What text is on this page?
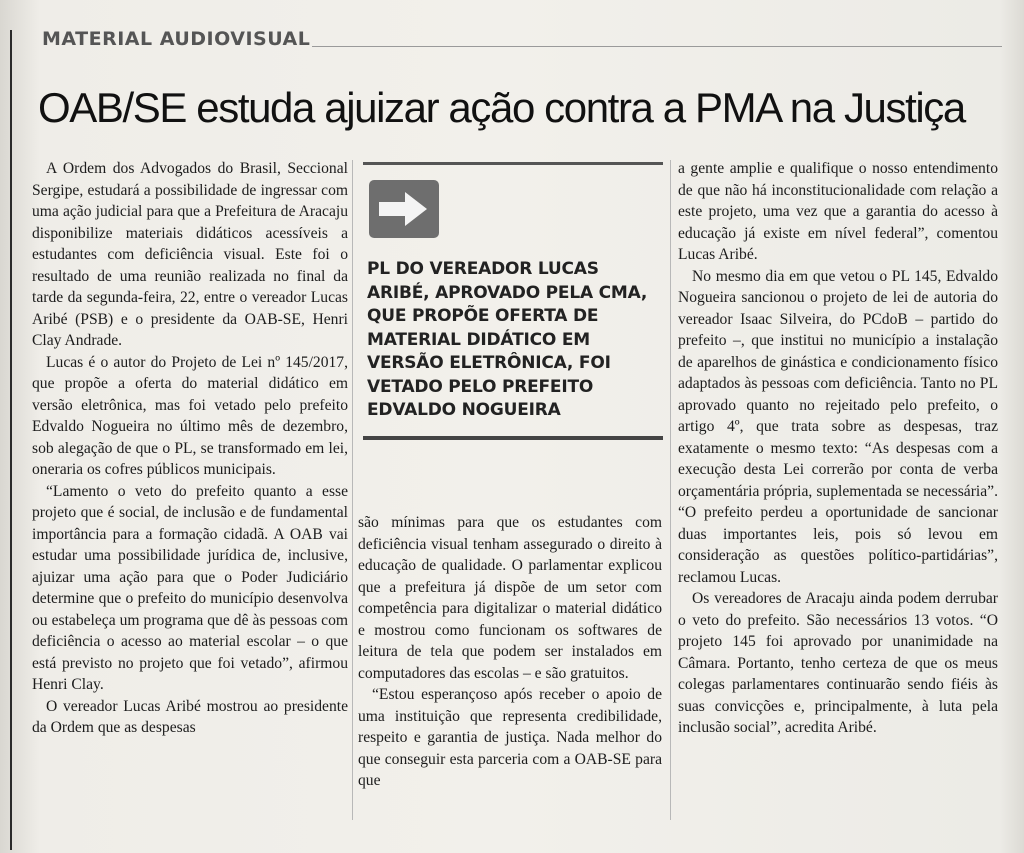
MATERIAL AUDIOVISUAL
OAB/SE estuda ajuizar ação contra a PMA na Justiça

A Ordem dos Advogados do Brasil, Seccional Sergipe, estudará a possibilidade de ingressar com uma ação judicial para que a Prefeitura de Aracaju disponibilize materiais didáticos acessíveis a estudantes com deficiência visual. Este foi o resultado de uma reunião realizada no final da tarde da segunda-feira, 22, entre o vereador Lucas Aribé (PSB) e o presidente da OAB-SE, Henri Clay Andrade.

Lucas é o autor do Projeto de Lei nº 145/2017, que propõe a oferta do material didático em versão eletrônica, mas foi vetado pelo prefeito Edvaldo Nogueira no último mês de dezembro, sob alegação de que o PL, se transformado em lei, oneraria os cofres públicos municipais.

“Lamento o veto do prefeito quanto a esse projeto que é social, de inclusão e de fundamental importância para a formação cidadã. A OAB vai estudar uma possibilidade jurídica de, inclusive, ajuizar uma ação para que o Poder Judiciário determine que o prefeito do município desenvolva ou estabeleça um programa que dê às pessoas com deficiência o acesso ao material escolar – o que está previsto no projeto que foi vetado”, afirmou Henri Clay.

O vereador Lucas Aribé mostrou ao presidente da Ordem que as despesas

PL DO VEREADOR LUCAS ARIBÉ, APROVADO PELA CMA, QUE PROPÕE OFERTA DE MATERIAL DIDÁTICO EM VERSÃO ELETRÔNICA, FOI VETADO PELO PREFEITO EDVALDO NOGUEIRA

são mínimas para que os estudantes com deficiência visual tenham assegurado o direito à educação de qualidade. O parlamentar explicou que a prefeitura já dispõe de um setor com competência para digitalizar o material didático e mostrou como funcionam os softwares de leitura de tela que podem ser instalados em computadores das escolas – e são gratuitos.

“Estou esperançoso após receber o apoio de uma instituição que representa credibilidade, respeito e garantia de justiça. Nada melhor do que conseguir esta parceria com a OAB-SE para que

a gente amplie e qualifique o nosso entendimento de que não há inconstitucionalidade com relação a este projeto, uma vez que a garantia do acesso à educação já existe em nível federal”, comentou Lucas Aribé.

No mesmo dia em que vetou o PL 145, Edvaldo Nogueira sancionou o projeto de lei de autoria do vereador Isaac Silveira, do PCdoB – partido do prefeito –, que institui no município a instalação de aparelhos de ginástica e condicionamento físico adaptados às pessoas com deficiência. Tanto no PL aprovado quanto no rejeitado pelo prefeito, o artigo 4º, que trata sobre as despesas, traz exatamente o mesmo texto: “As despesas com a execução desta Lei correrão por conta de verba orçamentária própria, suplementada se necessária”. “O prefeito perdeu a oportunidade de sancionar duas importantes leis, pois só levou em consideração as questões político-partidárias”, reclamou Lucas.

Os vereadores de Aracaju ainda podem derrubar o veto do prefeito. São necessários 13 votos. “O projeto 145 foi aprovado por unanimidade na Câmara. Portanto, tenho certeza de que os meus colegas parlamentares continuarão sendo fiéis às suas convicções e, principalmente, à luta pela inclusão social”, acredita Aribé.
